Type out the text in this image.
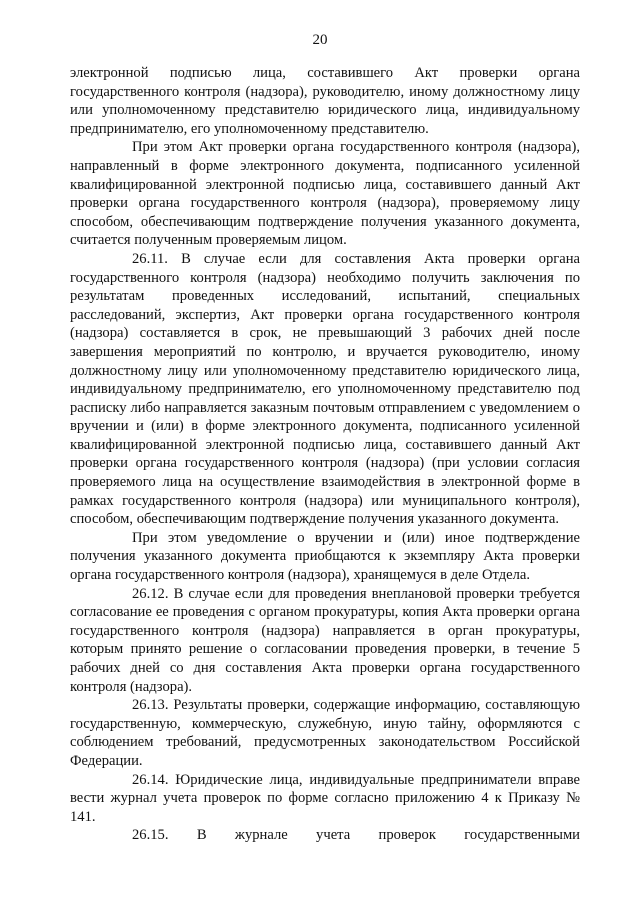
20

электронной подписью лица, составившего Акт проверки органа государственного контроля (надзора), руководителю, иному должностному лицу или уполномоченному представителю юридического лица, индивидуальному предпринимателю, его уполномоченному представителю.

При этом Акт проверки органа государственного контроля (надзора), направленный в форме электронного документа, подписанного усиленной квалифицированной электронной подписью лица, составившего данный Акт проверки органа государственного контроля (надзора), проверяемому лицу способом, обеспечивающим подтверждение получения указанного документа, считается полученным проверяемым лицом.

26.11. В случае если для составления Акта проверки органа государственного контроля (надзора) необходимо получить заключения по результатам проведенных исследований, испытаний, специальных расследований, экспертиз, Акт проверки органа государственного контроля (надзора) составляется в срок, не превышающий 3 рабочих дней после завершения мероприятий по контролю, и вручается руководителю, иному должностному лицу или уполномоченному представителю юридического лица, индивидуальному предпринимателю, его уполномоченному представителю под расписку либо направляется заказным почтовым отправлением с уведомлением о вручении и (или) в форме электронного документа, подписанного усиленной квалифицированной электронной подписью лица, составившего данный Акт проверки органа государственного контроля (надзора) (при условии согласия проверяемого лица на осуществление взаимодействия в электронной форме в рамках государственного контроля (надзора) или муниципального контроля), способом, обеспечивающим подтверждение получения указанного документа.

При этом уведомление о вручении и (или) иное подтверждение получения указанного документа приобщаются к экземпляру Акта проверки органа государственного контроля (надзора), хранящемуся в деле Отдела.

26.12. В случае если для проведения внеплановой проверки требуется согласование ее проведения с органом прокуратуры, копия Акта проверки органа государственного контроля (надзора) направляется в орган прокуратуры, которым принято решение о согласовании проведения проверки, в течение 5 рабочих дней со дня составления Акта проверки органа государственного контроля (надзора).

26.13. Результаты проверки, содержащие информацию, составляющую государственную, коммерческую, служебную, иную тайну, оформляются с соблюдением требований, предусмотренных законодательством Российской Федерации.

26.14. Юридические лица, индивидуальные предприниматели вправе вести журнал учета проверок по форме согласно приложению 4 к Приказу № 141.

26.15. В журнале учета проверок государственными
